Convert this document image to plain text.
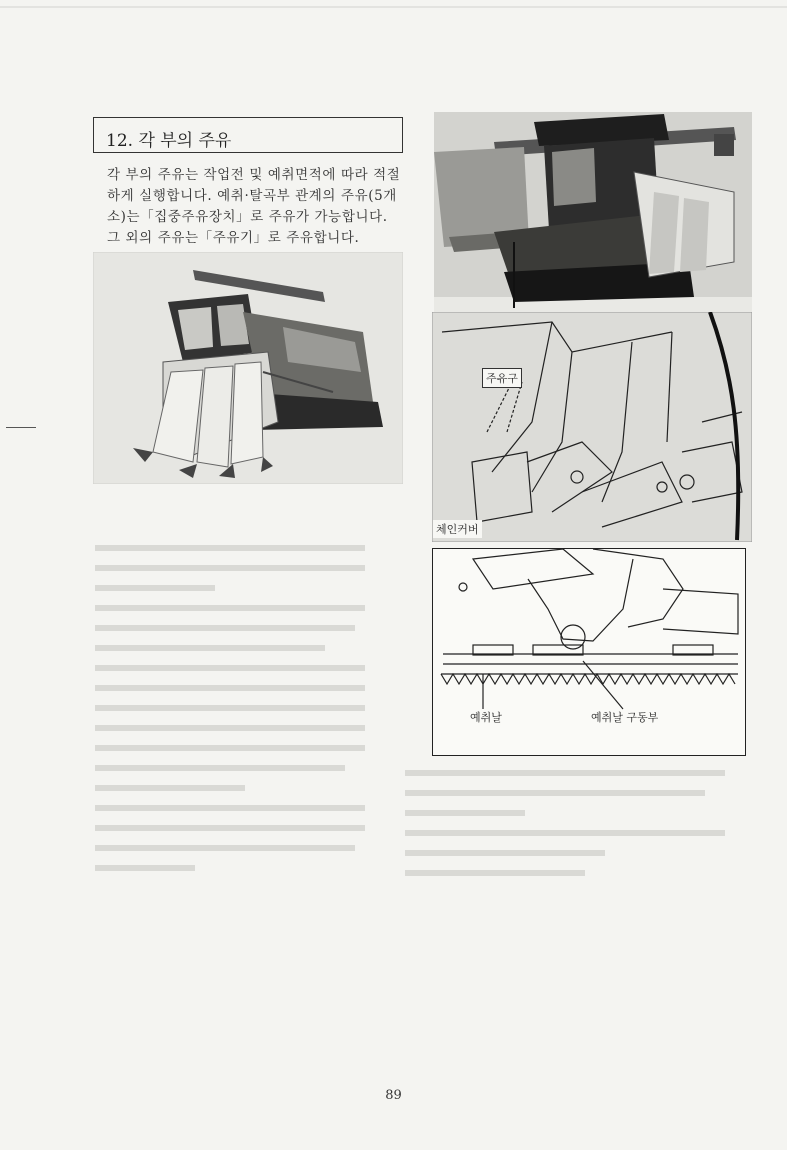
12. 각 부의 주유

각 부의 주유는 작업전 및 예취면적에 따라 적절하게 실행합니다. 예취·탈곡부 관계의 주유(5개소)는「집중주유장치」로 주유가 가능합니다. 그 외의 주유는「주유기」로 주유합니다.

주유구
체인커버
예취날	예취날 구동부
89
